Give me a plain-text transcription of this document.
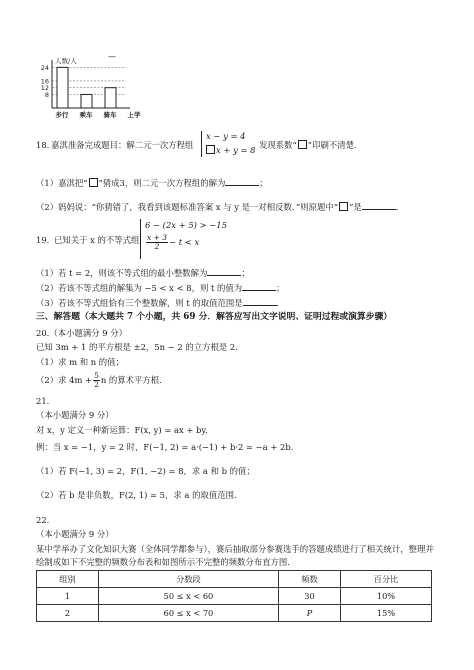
人数/人
24
16
12
8
步行 乘车 骑车 上学
—
18. 嘉淇准备完成题目：解二元一次方程组
x − y = 4
x + y = 8 发现系数“ ”印刷不清楚.
（1）嘉淇把“ ”猜成3，则二元一次方程组的解为	；
（2）妈妈说：“你猜错了，我看到该题标准答案 x 与 y 是一对相反数．”则原题中“ ”是	.
19．
已知关于 x 的不等式组
6 − (2x + 5) > −15
$\frac{x + 3}{2} - t < x$
（1）若 t = 2，则该不等式组的最小整数解为	；
（2）若该不等式组的解集为 −5 < x < 8，则 t 的值为	；
（3）若该不等式组恰有三个整数解，则 t 的取值范围是	.
三、解答题（本大题共 7 个小题，共 69 分．解答应写出文字说明、证明过程或演算步骤）
20.（本小题满分 9 分）
已知 3m + 1 的平方根是 ±2，5n − 2 的立方根是 2.
（1）求 m 和 n 的值；
（2）求 $4m + \frac{5}{2}$ n 的算术平方根.
21.
（本小题满分 9 分）
对 x，y 定义一种新运算：F(x, y) = ax + by.
例：当 x = −1，y = 2 时，F(−1, 2) = a·(−1) + b·2 = −a + 2b.
（1）若 F(−1, 3) = 2，F(1, −2) = 8，求 a 和 b 的值；
（2）若 b 是非负数，F(2, 1) = 5，求 a 的取值范围.
22.
（本小题满分 9 分）
某中学举办了文化知识大赛（全体同学都参与），赛后抽取部分参赛选手的答题成绩进行了相关统计，整理并
绘制成如下不完整的频数分布表和如图所示不完整的频数分布直方图.
组别	分数段	频数	百分比
1	50 ≤ x < 60	30	10%
2	60 ≤ x < 70	P	15%
